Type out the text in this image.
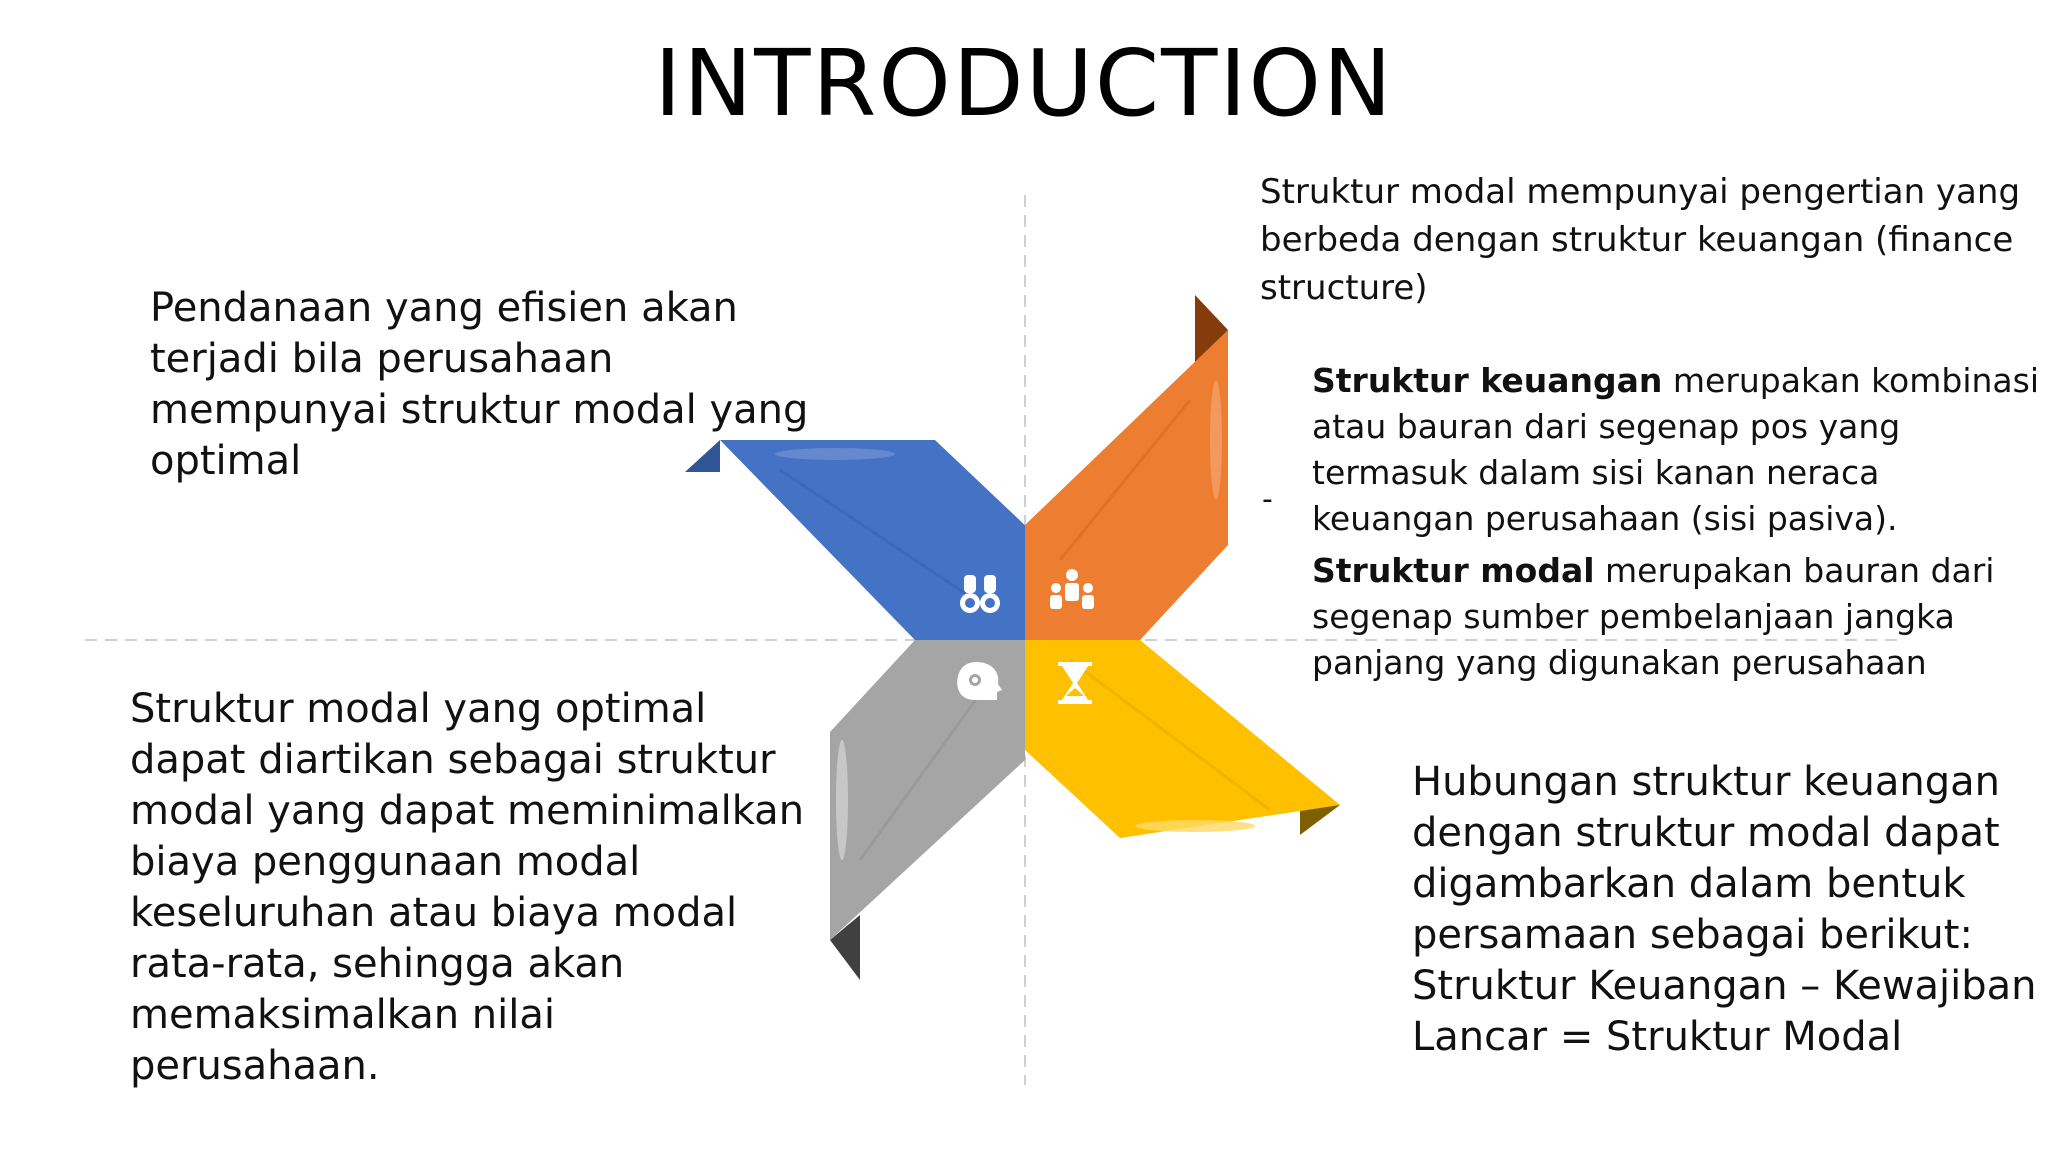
INTRODUCTION
Pendanaan yang efisien akan terjadi bila perusahaan mempunyai struktur modal yang optimal
Struktur modal yang optimal dapat diartikan sebagai struktur modal yang dapat meminimalkan biaya penggunaan modal keseluruhan atau biaya modal rata-rata, sehingga akan memaksimalkan nilai perusahaan.
Struktur modal mempunyai pengertian yang berbeda dengan struktur keuangan (finance structure)
-
Struktur keuangan merupakan kombinasi atau bauran dari segenap pos yang termasuk dalam sisi kanan neraca keuangan perusahaan (sisi pasiva).
Struktur modal merupakan bauran dari segenap sumber pembelanjaan jangka panjang yang digunakan perusahaan
Hubungan struktur keuangan dengan struktur modal dapat digambarkan dalam bentuk persamaan sebagai berikut: Struktur Keuangan – Kewajiban Lancar = Struktur Modal
